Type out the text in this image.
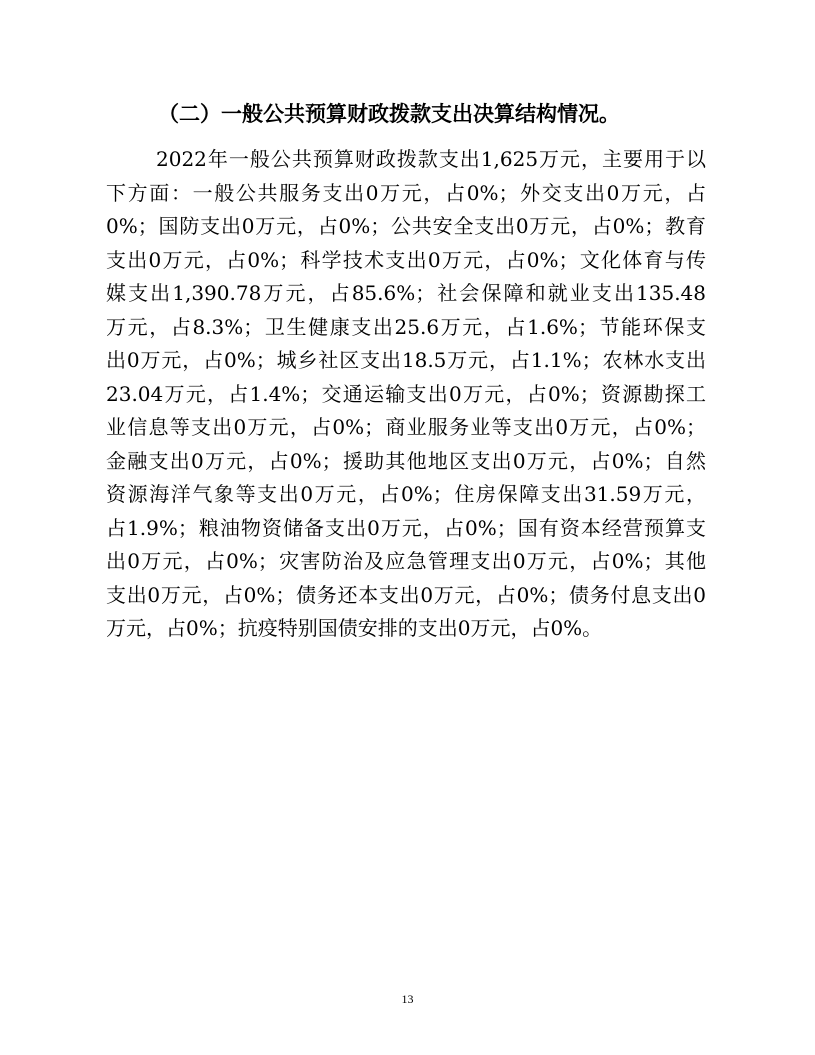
（二）一般公共预算财政拨款支出决算结构情况。
2022年一般公共预算财政拨款支出1,625万元，主要用于以
下方面：一般公共服务支出0万元，占0%；外交支出0万元，占
0%；国防支出0万元，占0%；公共安全支出0万元，占0%；教育
支出0万元，占0%；科学技术支出0万元，占0%；文化体育与传
媒支出1,390.78万元，占85.6%；社会保障和就业支出135.48
万元，占8.3%；卫生健康支出25.6万元，占1.6%；节能环保支
出0万元，占0%；城乡社区支出18.5万元，占1.1%；农林水支出
23.04万元，占1.4%；交通运输支出0万元，占0%；资源勘探工
业信息等支出0万元，占0%；商业服务业等支出0万元，占0%；
金融支出0万元，占0%；援助其他地区支出0万元，占0%；自然
资源海洋气象等支出0万元，占0%；住房保障支出31.59万元，
占1.9%；粮油物资储备支出0万元，占0%；国有资本经营预算支
出0万元，占0%；灾害防治及应急管理支出0万元，占0%；其他
支出0万元，占0%；债务还本支出0万元，占0%；债务付息支出0
万元，占0%；抗疫特别国债安排的支出0万元，占0%。
13
